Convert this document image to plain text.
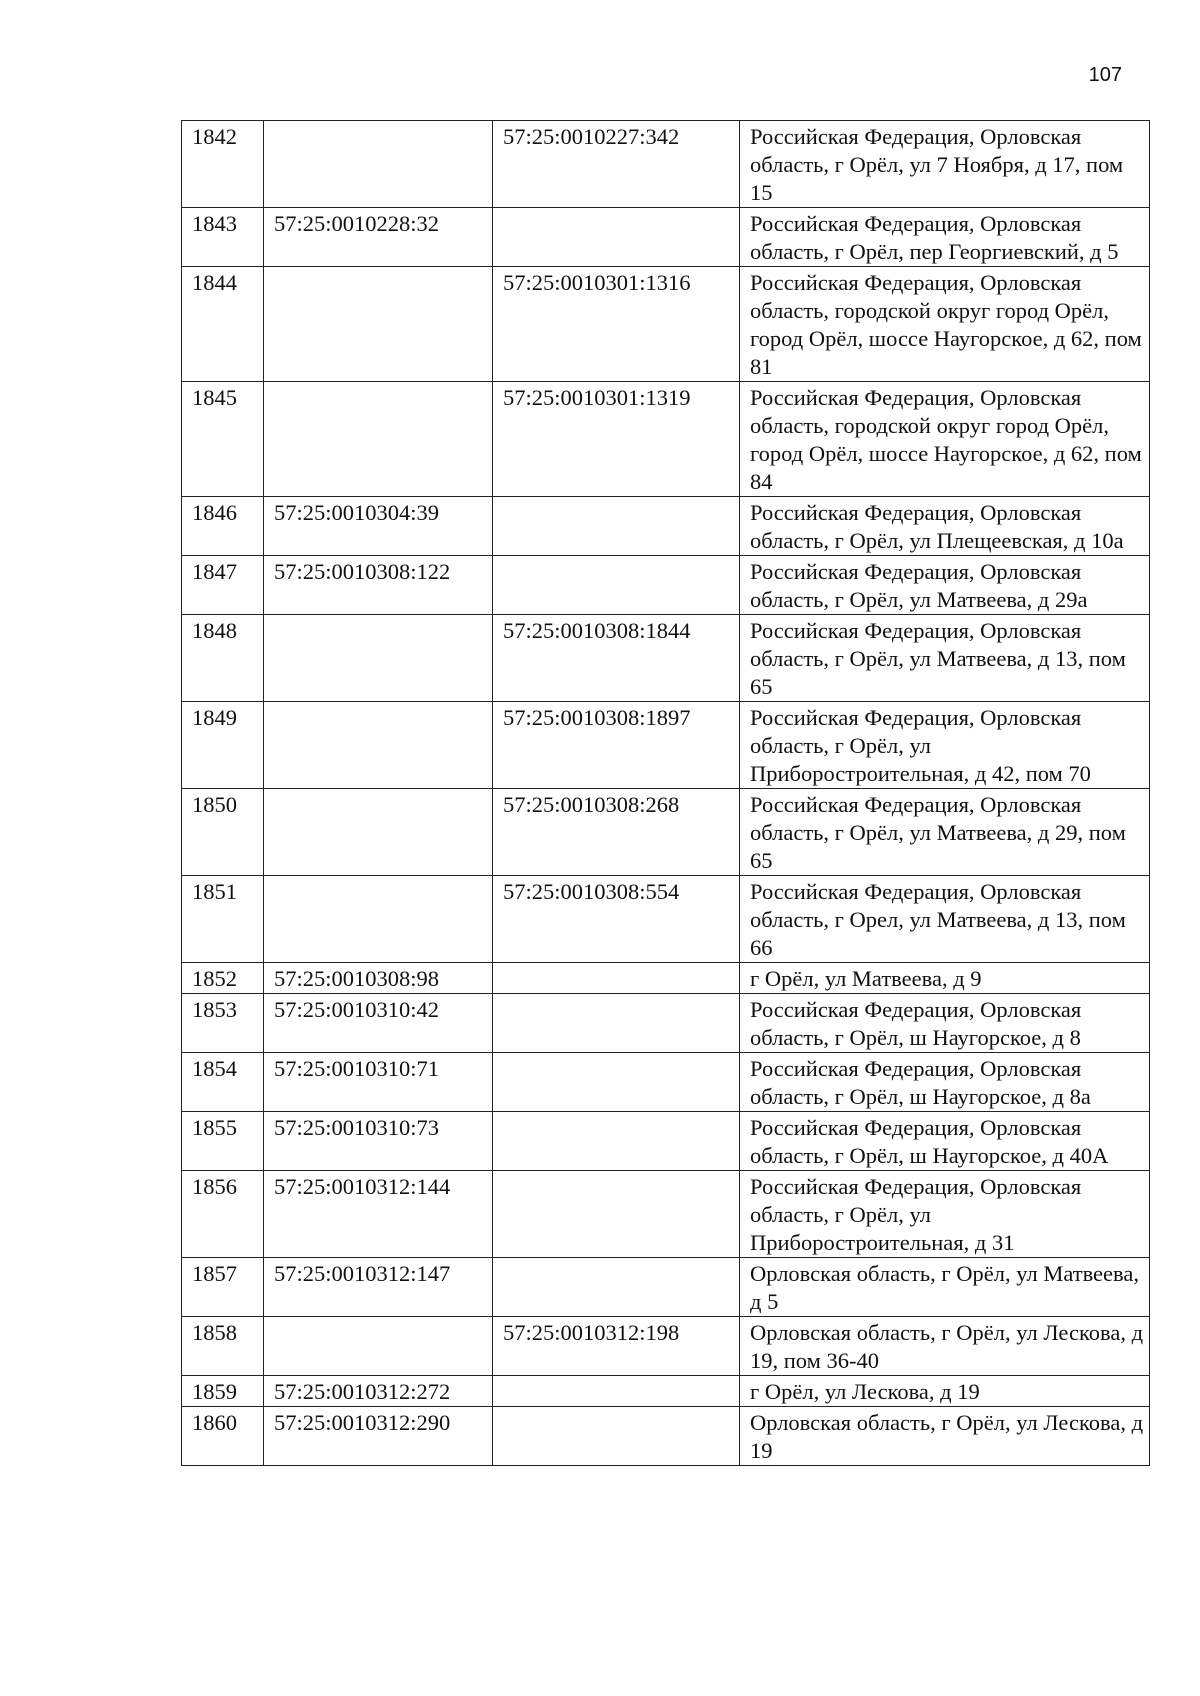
107
1842		57:25:0010227:342	Российская Федерация, Орловская область, г Орёл, ул 7 Ноября, д 17, пом 15
1843	57:25:0010228:32		Российская Федерация, Орловская область, г Орёл, пер Георгиевский, д 5
1844		57:25:0010301:1316	Российская Федерация, Орловская область, городской округ город Орёл, город Орёл, шоссе Наугорское, д 62, пом 81
1845		57:25:0010301:1319	Российская Федерация, Орловская область, городской округ город Орёл, город Орёл, шоссе Наугорское, д 62, пом 84
1846	57:25:0010304:39		Российская Федерация, Орловская область, г Орёл, ул Плещеевская, д 10а
1847	57:25:0010308:122		Российская Федерация, Орловская область, г Орёл, ул Матвеева, д 29а
1848		57:25:0010308:1844	Российская Федерация, Орловская область, г Орёл, ул Матвеева, д 13, пом 65
1849		57:25:0010308:1897	Российская Федерация, Орловская область, г Орёл, ул Приборостроительная, д 42, пом 70
1850		57:25:0010308:268	Российская Федерация, Орловская область, г Орёл, ул Матвеева, д 29, пом 65
1851		57:25:0010308:554	Российская Федерация, Орловская область, г Орел, ул Матвеева, д 13, пом 66
1852	57:25:0010308:98		г Орёл, ул Матвеева, д 9
1853	57:25:0010310:42		Российская Федерация, Орловская область, г Орёл, ш Наугорское, д 8
1854	57:25:0010310:71		Российская Федерация, Орловская область, г Орёл, ш Наугорское, д 8а
1855	57:25:0010310:73		Российская Федерация, Орловская область, г Орёл, ш Наугорское, д 40А
1856	57:25:0010312:144		Российская Федерация, Орловская область, г Орёл, ул Приборостроительная, д 31
1857	57:25:0010312:147		Орловская область, г Орёл, ул Матвеева, д 5
1858		57:25:0010312:198	Орловская область, г Орёл, ул Лескова, д 19, пом 36-40
1859	57:25:0010312:272		г Орёл, ул Лескова, д 19
1860	57:25:0010312:290		Орловская область, г Орёл, ул Лескова, д 19
